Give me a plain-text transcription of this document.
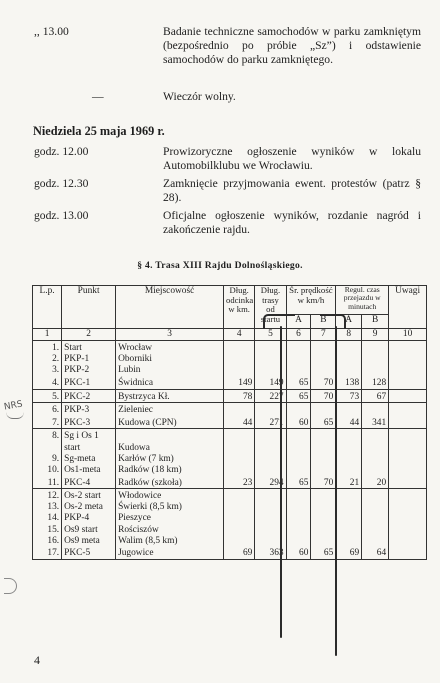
,, 13.00	Badanie techniczne samochodów w parku zamkniętym (bezpośrednio po próbie „Sz”) i odstawienie samochodów do parku zamkniętego.
—	Wieczór wolny.
Niedziela 25 maja 1969 r.
godz. 12.00	Prowizoryczne ogłoszenie wyników w lokalu Automobilklubu we Wrocławiu.
godz. 12.30	Zamknięcie przyjmowania ewent. protestów (patrz § 28).
godz. 13.00	Oficjalne ogłoszenie wyników, rozdanie nagród i zakończenie rajdu.
§ 4. Trasa XIII Rajdu Dolnośląskiego.
L.p.	Punkt	Miejscowość	Dług. odcinka w km.	Dług. trasy od startu	Śr. prędkość w km/h		Regul. czas przejazdu w minutach		Uwagi
					A	B	A	B	
1	2	3	4	5	6	7	8	9	10
1.	Start	Wrocław							
2.	PKP-1	Oborniki							
3.	PKP-2	Lubin							
4.	PKC-1	Świdnica	149	149	65	70	138	128	
5.	PKC-2	Bystrzyca Kł.	78	227	65	70	73	67	
6.	PKP-3	Zieleniec							
7.	PKC-3	Kudowa (CPN)	44	271	60	65	44	341	
8.	Sg i Os 1								
	start	Kudowa							
9.	Sg-meta	Karłów (7 km)							
10.	Os1-meta	Radków (18 km)							
11.	PKC-4	Radków (szkoła)	23	294	65	70	21	20	
12.	Os-2 start	Włodowice							
13.	Os-2 meta	Świerki (8,5 km)							
14.	PKP-4	Pieszyce							
15.	Os9 start	Rościszów							
16.	Os9 meta	Walim (8,5 km)							
17.	PKC-5	Jugowice	69	363	60	65	69	64	
NRS
4
